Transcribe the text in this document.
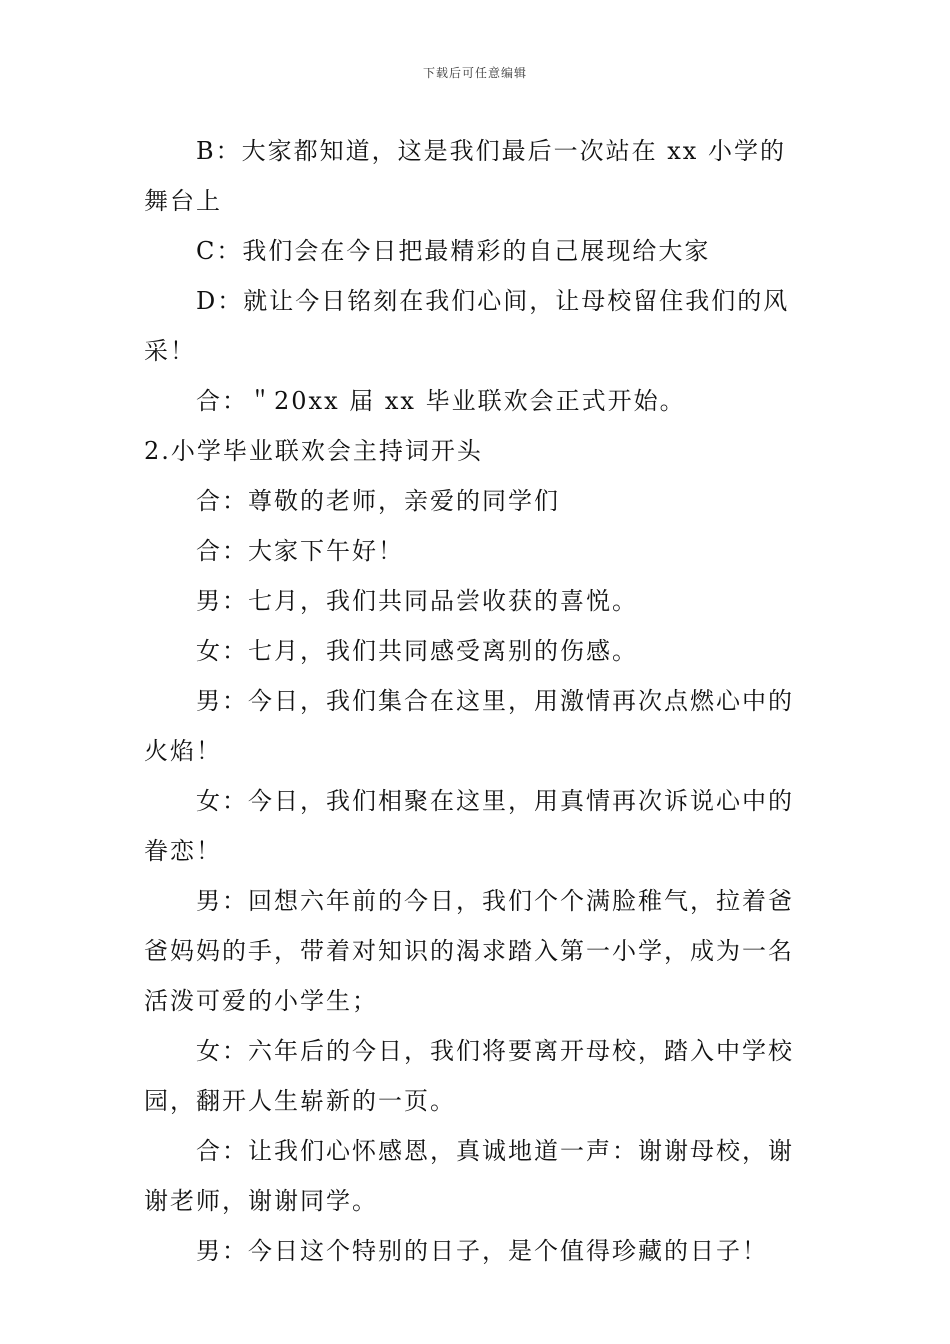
下载后可任意编辑

B：大家都知道，这是我们最后一次站在 xx 小学的舞台上

C：我们会在今日把最精彩的自己展现给大家

D：就让今日铭刻在我们心间，让母校留住我们的风采！

合：＂20xx 届 xx 毕业联欢会正式开始。

2.小学毕业联欢会主持词开头

合：尊敬的老师，亲爱的同学们

合：大家下午好！

男：七月，我们共同品尝收获的喜悦。

女：七月，我们共同感受离别的伤感。

男：今日，我们集合在这里，用激情再次点燃心中的火焰！

女：今日，我们相聚在这里，用真情再次诉说心中的眷恋！

男：回想六年前的今日，我们个个满脸稚气，拉着爸爸妈妈的手，带着对知识的渴求踏入第一小学，成为一名活泼可爱的小学生；

女：六年后的今日，我们将要离开母校，踏入中学校园，翻开人生崭新的一页。

合：让我们心怀感恩，真诚地道一声：谢谢母校，谢谢老师，谢谢同学。

男：今日这个特别的日子，是个值得珍藏的日子！
